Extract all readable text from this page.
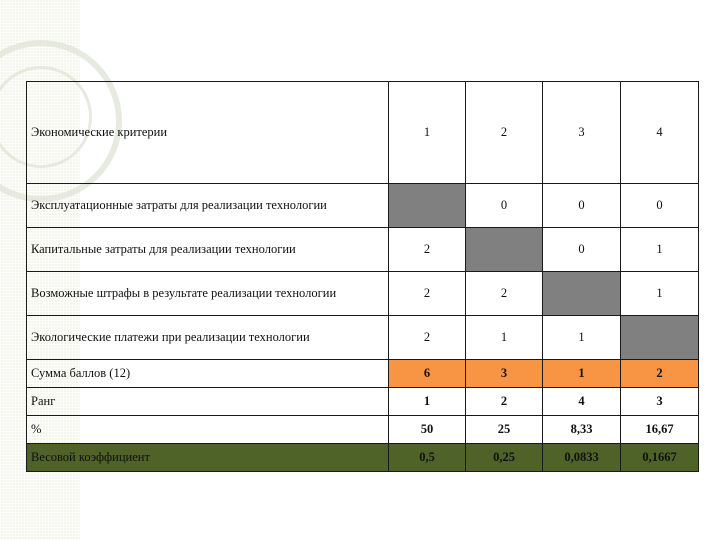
Экономические критерии	1	2	3	4
Эксплуатационные затраты для реализации технологии		0	0	0
Капитальные затраты для реализации технологии	2		0	1
Возможные штрафы в результате реализации технологии	2	2		1
Экологические платежи при реализации технологии	2	1	1	
Сумма баллов (12)	6	3	1	2
Ранг	1	2	4	3
%	50	25	8,33	16,67
Весовой коэффициент	0,5	0,25	0,0833	0,1667
